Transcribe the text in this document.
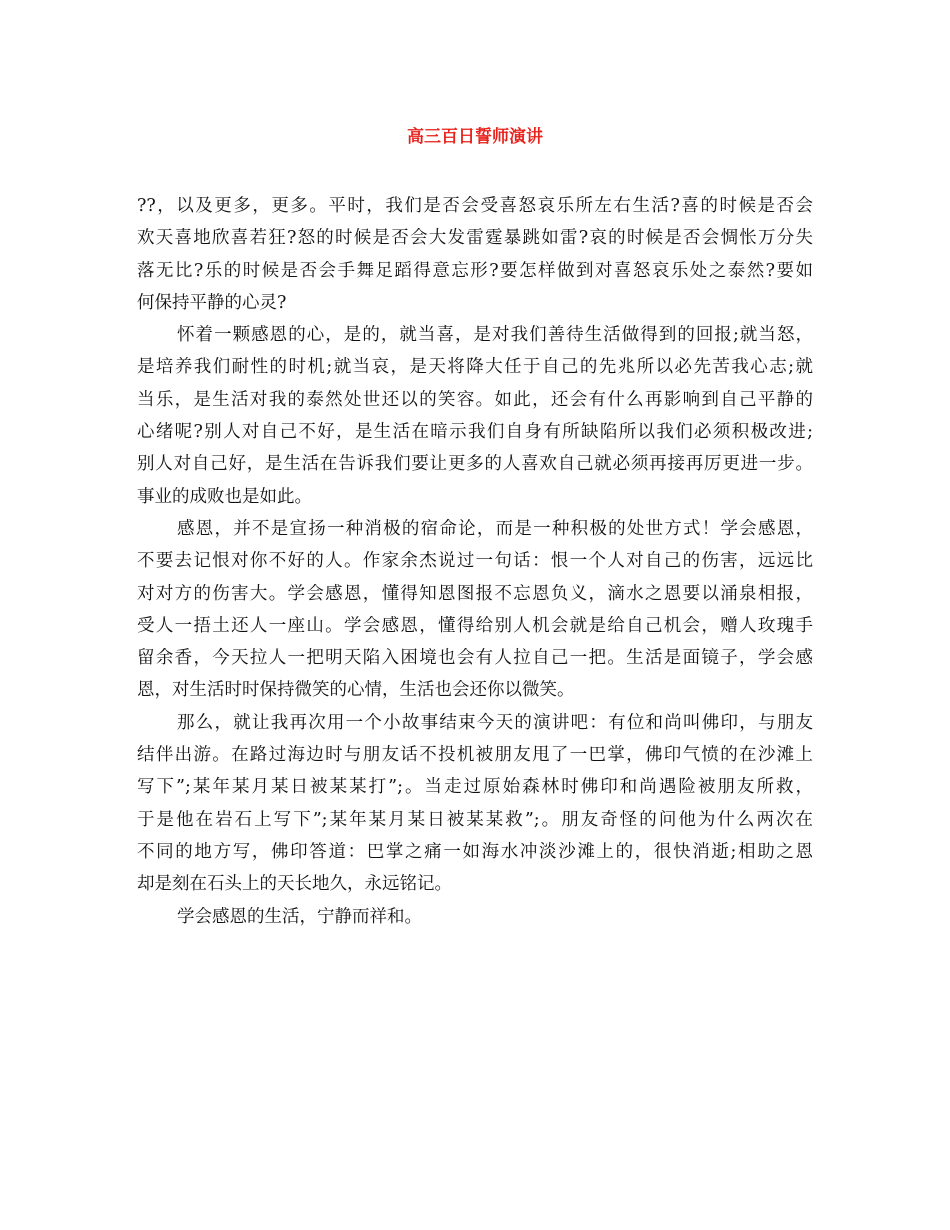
高三百日誓师演讲
??，以及更多，更多。平时，我们是否会受喜怒哀乐所左右生活?喜的时候是否会
欢天喜地欣喜若狂?怒的时候是否会大发雷霆暴跳如雷?哀的时候是否会惆怅万分失
落无比?乐的时候是否会手舞足蹈得意忘形?要怎样做到对喜怒哀乐处之泰然?要如
何保持平静的心灵?
怀着一颗感恩的心，是的，就当喜，是对我们善待生活做得到的回报;就当怒，
是培养我们耐性的时机;就当哀，是天将降大任于自己的先兆所以必先苦我心志;就
当乐，是生活对我的泰然处世还以的笑容。如此，还会有什么再影响到自己平静的
心绪呢?别人对自己不好，是生活在暗示我们自身有所缺陷所以我们必须积极改进;
别人对自己好，是生活在告诉我们要让更多的人喜欢自己就必须再接再厉更进一步。
事业的成败也是如此。
感恩，并不是宣扬一种消极的宿命论，而是一种积极的处世方式！学会感恩，
不要去记恨对你不好的人。作家余杰说过一句话：恨一个人对自己的伤害，远远比
对对方的伤害大。学会感恩，懂得知恩图报不忘恩负义，滴水之恩要以涌泉相报，
受人一捂土还人一座山。学会感恩，懂得给别人机会就是给自己机会，赠人玫瑰手
留余香，今天拉人一把明天陷入困境也会有人拉自己一把。生活是面镜子，学会感
恩，对生活时时保持微笑的心情，生活也会还你以微笑。
那么，就让我再次用一个小故事结束今天的演讲吧：有位和尚叫佛印，与朋友
结伴出游。在路过海边时与朋友话不投机被朋友甩了一巴掌，佛印气愤的在沙滩上
写下”;某年某月某日被某某打”;。当走过原始森林时佛印和尚遇险被朋友所救，
于是他在岩石上写下”;某年某月某日被某某救”;。朋友奇怪的问他为什么两次在
不同的地方写，佛印答道：巴掌之痛一如海水冲淡沙滩上的，很快消逝;相助之恩
却是刻在石头上的天长地久，永远铭记。
学会感恩的生活，宁静而祥和。
